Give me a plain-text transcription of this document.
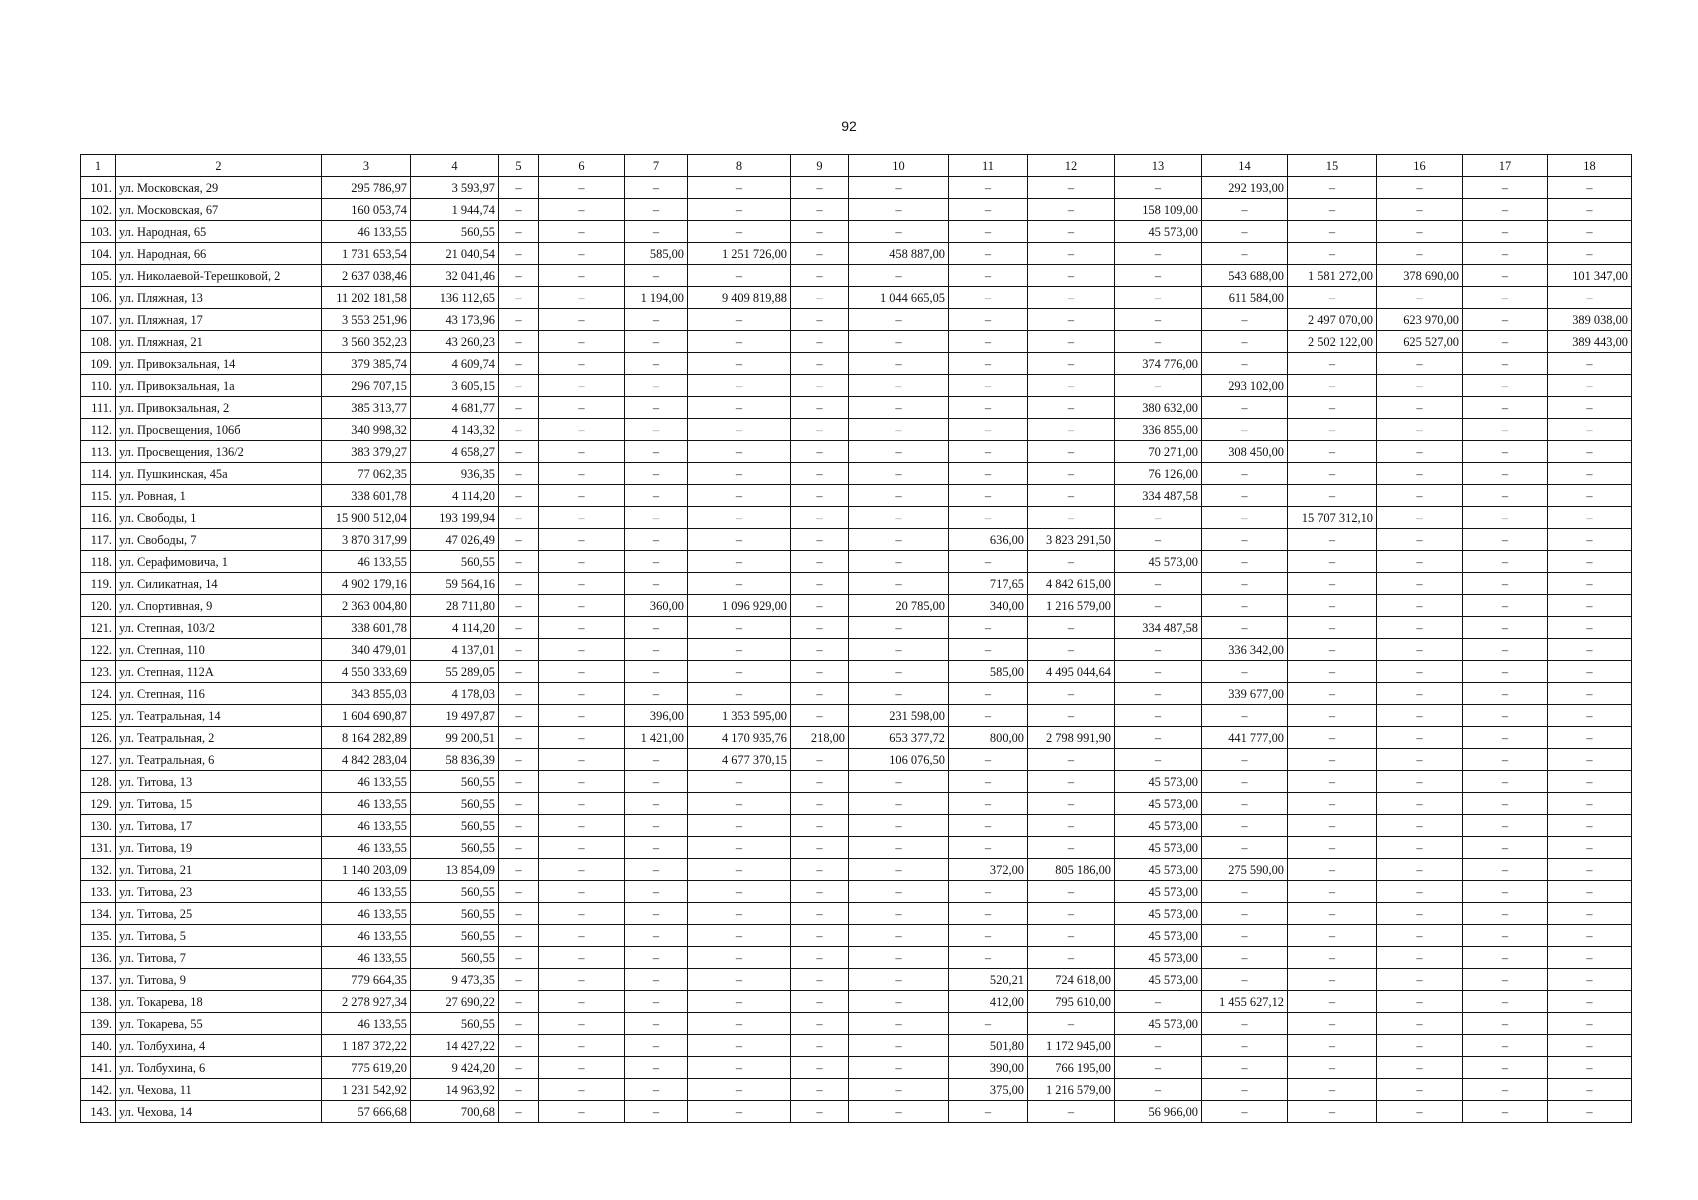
92
1	2	3	4	5	6	7	8	9	10	11	12	13	14	15	16	17	18
101.	ул. Московская, 29	295 786,97	3 593,97	–	–	–	–	–	–	–	–	–	292 193,00	–	–	–	–
102.	ул. Московская, 67	160 053,74	1 944,74	–	–	–	–	–	–	–	–	158 109,00	–	–	–	–	–
103.	ул. Народная, 65	46 133,55	560,55	–	–	–	–	–	–	–	–	45 573,00	–	–	–	–	–
104.	ул. Народная, 66	1 731 653,54	21 040,54	–	–	585,00	1 251 726,00	–	458 887,00	–	–	–	–	–	–	–	–
105.	ул. Николаевой-Терешковой, 2	2 637 038,46	32 041,46	–	–	–	–	–	–	–	–	–	543 688,00	1 581 272,00	378 690,00	–	101 347,00
106.	ул. Пляжная, 13	11 202 181,58	136 112,65	–	–	1 194,00	9 409 819,88	–	1 044 665,05	–	–	–	611 584,00	–	–	–	–
107.	ул. Пляжная, 17	3 553 251,96	43 173,96	–	–	–	–	–	–	–	–	–	–	2 497 070,00	623 970,00	–	389 038,00
108.	ул. Пляжная, 21	3 560 352,23	43 260,23	–	–	–	–	–	–	–	–	–	–	2 502 122,00	625 527,00	–	389 443,00
109.	ул. Привокзальная, 14	379 385,74	4 609,74	–	–	–	–	–	–	–	–	374 776,00	–	–	–	–	–
110.	ул. Привокзальная, 1а	296 707,15	3 605,15	–	–	–	–	–	–	–	–	–	293 102,00	–	–	–	–
111.	ул. Привокзальная, 2	385 313,77	4 681,77	–	–	–	–	–	–	–	–	380 632,00	–	–	–	–	–
112.	ул. Просвещения, 106б	340 998,32	4 143,32	–	–	–	–	–	–	–	–	336 855,00	–	–	–	–	–
113.	ул. Просвещения, 136/2	383 379,27	4 658,27	–	–	–	–	–	–	–	–	70 271,00	308 450,00	–	–	–	–
114.	ул. Пушкинская, 45а	77 062,35	936,35	–	–	–	–	–	–	–	–	76 126,00	–	–	–	–	–
115.	ул. Ровная, 1	338 601,78	4 114,20	–	–	–	–	–	–	–	–	334 487,58	–	–	–	–	–
116.	ул. Свободы, 1	15 900 512,04	193 199,94	–	–	–	–	–	–	–	–	–	–	15 707 312,10	–	–	–
117.	ул. Свободы, 7	3 870 317,99	47 026,49	–	–	–	–	–	–	636,00	3 823 291,50	–	–	–	–	–	–
118.	ул. Серафимовича, 1	46 133,55	560,55	–	–	–	–	–	–	–	–	45 573,00	–	–	–	–	–
119.	ул. Силикатная, 14	4 902 179,16	59 564,16	–	–	–	–	–	–	717,65	4 842 615,00	–	–	–	–	–	–
120.	ул. Спортивная, 9	2 363 004,80	28 711,80	–	–	360,00	1 096 929,00	–	20 785,00	340,00	1 216 579,00	–	–	–	–	–	–
121.	ул. Степная, 103/2	338 601,78	4 114,20	–	–	–	–	–	–	–	–	334 487,58	–	–	–	–	–
122.	ул. Степная, 110	340 479,01	4 137,01	–	–	–	–	–	–	–	–	–	336 342,00	–	–	–	–
123.	ул. Степная, 112А	4 550 333,69	55 289,05	–	–	–	–	–	–	585,00	4 495 044,64	–	–	–	–	–	–
124.	ул. Степная, 116	343 855,03	4 178,03	–	–	–	–	–	–	–	–	–	339 677,00	–	–	–	–
125.	ул. Театральная, 14	1 604 690,87	19 497,87	–	–	396,00	1 353 595,00	–	231 598,00	–	–	–	–	–	–	–	–
126.	ул. Театральная, 2	8 164 282,89	99 200,51	–	–	1 421,00	4 170 935,76	218,00	653 377,72	800,00	2 798 991,90	–	441 777,00	–	–	–	–
127.	ул. Театральная, 6	4 842 283,04	58 836,39	–	–	–	4 677 370,15	–	106 076,50	–	–	–	–	–	–	–	–
128.	ул. Титова, 13	46 133,55	560,55	–	–	–	–	–	–	–	–	45 573,00	–	–	–	–	–
129.	ул. Титова, 15	46 133,55	560,55	–	–	–	–	–	–	–	–	45 573,00	–	–	–	–	–
130.	ул. Титова, 17	46 133,55	560,55	–	–	–	–	–	–	–	–	45 573,00	–	–	–	–	–
131.	ул. Титова, 19	46 133,55	560,55	–	–	–	–	–	–	–	–	45 573,00	–	–	–	–	–
132.	ул. Титова, 21	1 140 203,09	13 854,09	–	–	–	–	–	–	372,00	805 186,00	45 573,00	275 590,00	–	–	–	–
133.	ул. Титова, 23	46 133,55	560,55	–	–	–	–	–	–	–	–	45 573,00	–	–	–	–	–
134.	ул. Титова, 25	46 133,55	560,55	–	–	–	–	–	–	–	–	45 573,00	–	–	–	–	–
135.	ул. Титова, 5	46 133,55	560,55	–	–	–	–	–	–	–	–	45 573,00	–	–	–	–	–
136.	ул. Титова, 7	46 133,55	560,55	–	–	–	–	–	–	–	–	45 573,00	–	–	–	–	–
137.	ул. Титова, 9	779 664,35	9 473,35	–	–	–	–	–	–	520,21	724 618,00	45 573,00	–	–	–	–	–
138.	ул. Токарева, 18	2 278 927,34	27 690,22	–	–	–	–	–	–	412,00	795 610,00	–	1 455 627,12	–	–	–	–
139.	ул. Токарева, 55	46 133,55	560,55	–	–	–	–	–	–	–	–	45 573,00	–	–	–	–	–
140.	ул. Толбухина, 4	1 187 372,22	14 427,22	–	–	–	–	–	–	501,80	1 172 945,00	–	–	–	–	–	–
141.	ул. Толбухина, 6	775 619,20	9 424,20	–	–	–	–	–	–	390,00	766 195,00	–	–	–	–	–	–
142.	ул. Чехова, 11	1 231 542,92	14 963,92	–	–	–	–	–	–	375,00	1 216 579,00	–	–	–	–	–	–
143.	ул. Чехова, 14	57 666,68	700,68	–	–	–	–	–	–	–	–	56 966,00	–	–	–	–	–
